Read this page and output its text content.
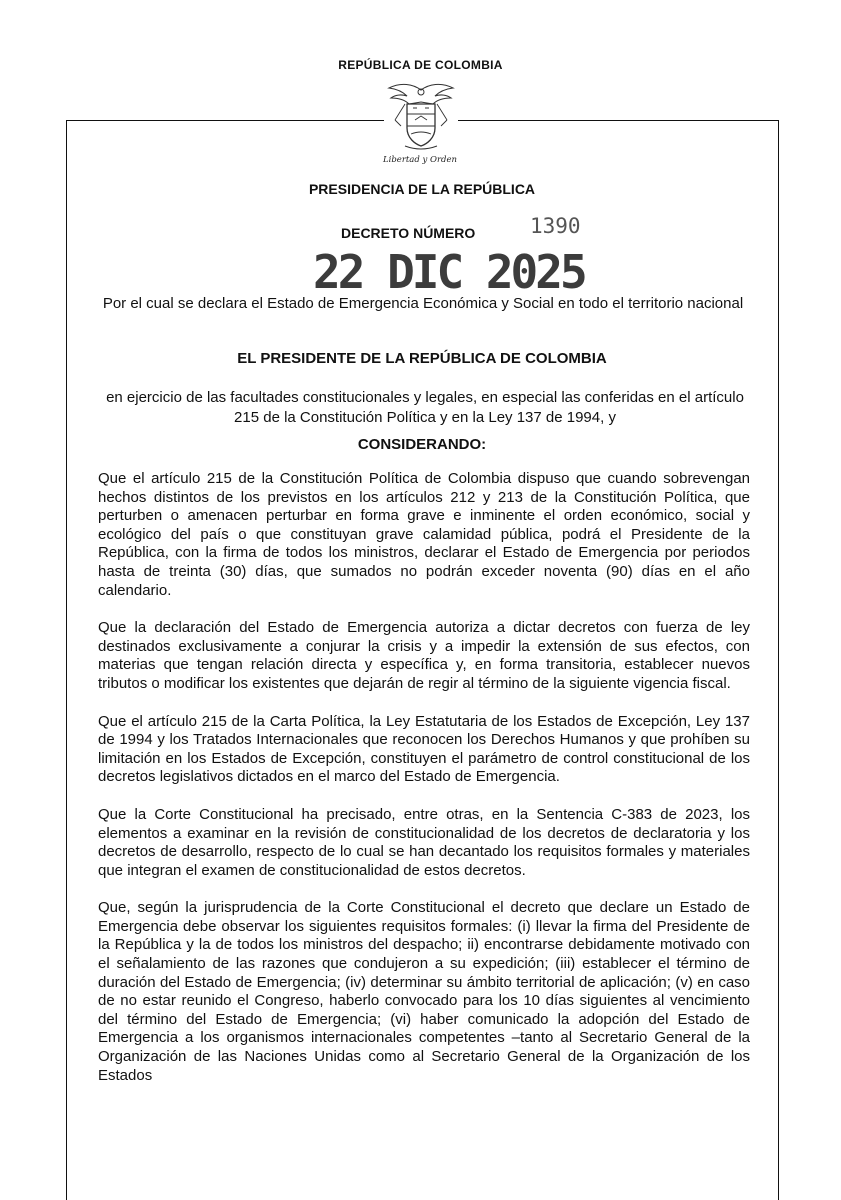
REPÚBLICA DE COLOMBIA
Libertad y Orden
PRESIDENCIA DE LA REPÚBLICA
DECRETO NÚMERO	1390
22 DIC 2025
Por el cual se declara el Estado de Emergencia Económica y Social en todo el territorio nacional
EL PRESIDENTE DE LA REPÚBLICA DE COLOMBIA
en ejercicio de las facultades constitucionales y legales, en especial las conferidas en el artículo 215 de la Constitución Política y en la Ley 137 de 1994, y
CONSIDERANDO:

Que el artículo 215 de la Constitución Política de Colombia dispuso que cuando sobrevengan hechos distintos de los previstos en los artículos 212 y 213 de la Constitución Política, que perturben o amenacen perturbar en forma grave e inminente el orden económico, social y ecológico del país o que constituyan grave calamidad pública, podrá el Presidente de la República, con la firma de todos los ministros, declarar el Estado de Emergencia por periodos hasta de treinta (30) días, que sumados no podrán exceder noventa (90) días en el año calendario.

Que la declaración del Estado de Emergencia autoriza a dictar decretos con fuerza de ley destinados exclusivamente a conjurar la crisis y a impedir la extensión de sus efectos, con materias que tengan relación directa y específica y, en forma transitoria, establecer nuevos tributos o modificar los existentes que dejarán de regir al término de la siguiente vigencia fiscal.

Que el artículo 215 de la Carta Política, la Ley Estatutaria de los Estados de Excepción, Ley 137 de 1994 y los Tratados Internacionales que reconocen los Derechos Humanos y que prohíben su limitación en los Estados de Excepción, constituyen el parámetro de control constitucional de los decretos legislativos dictados en el marco del Estado de Emergencia.

Que la Corte Constitucional ha precisado, entre otras, en la Sentencia C-383 de 2023, los elementos a examinar en la revisión de constitucionalidad de los decretos de declaratoria y los decretos de desarrollo, respecto de lo cual se han decantado los requisitos formales y materiales que integran el examen de constitucionalidad de estos decretos.

Que, según la jurisprudencia de la Corte Constitucional el decreto que declare un Estado de Emergencia debe observar los siguientes requisitos formales: (i) llevar la firma del Presidente de la República y la de todos los ministros del despacho; ii) encontrarse debidamente motivado con el señalamiento de las razones que condujeron a su expedición; (iii) establecer el término de duración del Estado de Emergencia; (iv) determinar su ámbito territorial de aplicación; (v) en caso de no estar reunido el Congreso, haberlo convocado para los 10 días siguientes al vencimiento del término del Estado de Emergencia; (vi) haber comunicado la adopción del Estado de Emergencia a los organismos internacionales competentes –tanto al Secretario General de la Organización de las Naciones Unidas como al Secretario General de la Organización de los Estados
